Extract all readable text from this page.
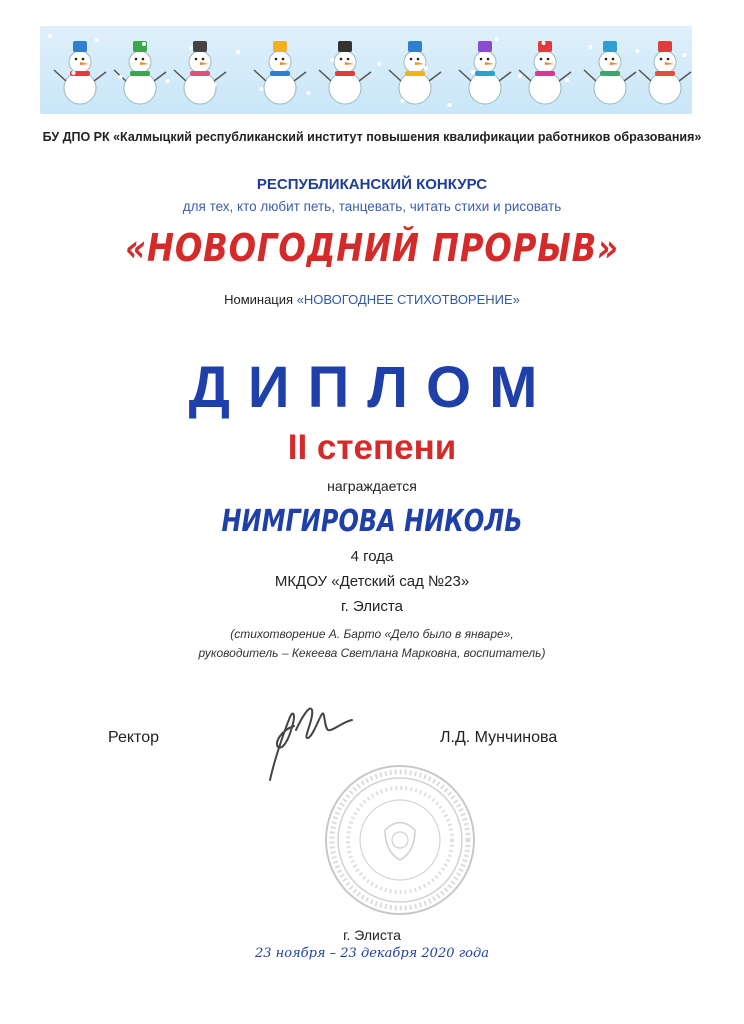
БУ ДПО РК «Калмыцкий республиканский институт повышения квалификации работников образования»
РЕСПУБЛИКАНСКИЙ КОНКУРС
для тех, кто любит петь, танцевать, читать стихи и рисовать
«НОВОГОДНИЙ ПРОРЫВ»
Номинация «НОВОГОДНЕЕ СТИХОТВОРЕНИЕ»
ДИПЛОМ
II степени
награждается
НИМГИРОВА НИКОЛЬ
4 года
МКДОУ «Детский сад №23»
г. Элиста
(стихотворение А. Барто «Дело было в январе»,
руководитель – Кекеева Светлана Марковна, воспитатель)
Ректор	Л.Д. Мунчинова
г. Элиста
23 ноября – 23 декабря 2020 года
